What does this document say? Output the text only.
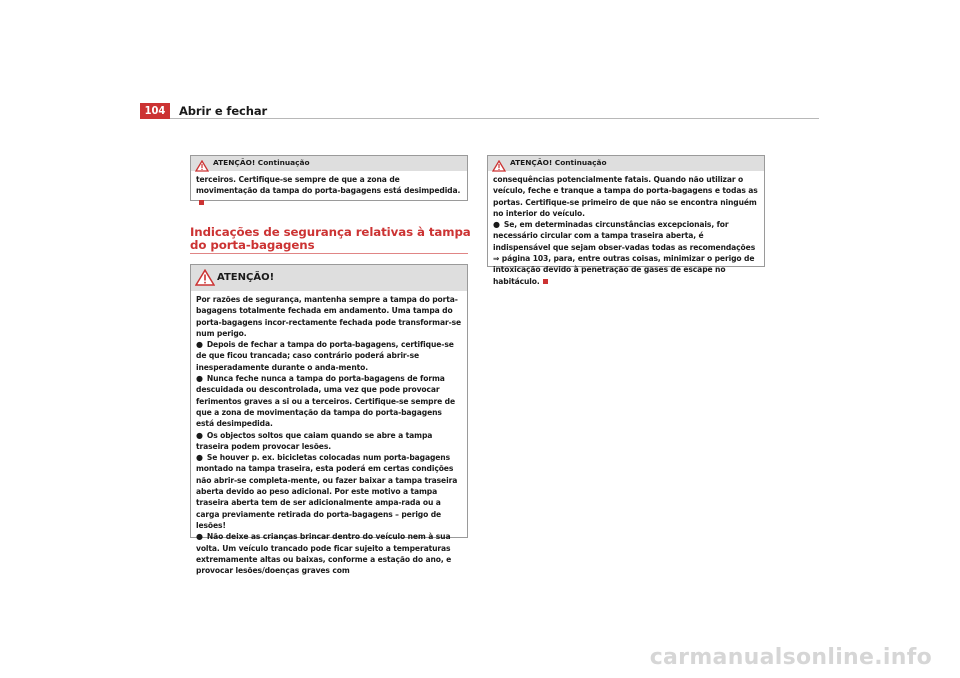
104	Abrir e fechar
ATENÇÃO! Continuação

terceiros. Certifique-se sempre de que a zona de movimentação da tampa do porta-bagagens está desimpedida.

Indicações de segurança relativas à tampa do porta-bagagens
ATENÇÃO!

Por razões de segurança, mantenha sempre a tampa do porta-bagagens totalmente fechada em andamento. Uma tampa do porta-bagagens incor-rectamente fechada pode transformar-se num perigo.

● Depois de fechar a tampa do porta-bagagens, certifique-se de que ficou trancada; caso contrário poderá abrir-se inesperadamente durante o anda-mento.

● Nunca feche nunca a tampa do porta-bagagens de forma descuidada ou descontrolada, uma vez que pode provocar ferimentos graves a si ou a terceiros. Certifique-se sempre de que a zona de movimentação da tampa do porta-bagagens está desimpedida.

● Os objectos soltos que caiam quando se abre a tampa traseira podem provocar lesões.

● Se houver p. ex. bicicletas colocadas num porta-bagagens montado na tampa traseira, esta poderá em certas condições não abrir-se completa-mente, ou fazer baixar a tampa traseira aberta devido ao peso adicional. Por este motivo a tampa traseira aberta tem de ser adicionalmente ampa-rada ou a carga previamente retirada do porta-bagagens – perigo de lesões!

● Não deixe as crianças brincar dentro do veículo nem à sua volta. Um veículo trancado pode ficar sujeito a temperaturas extremamente altas ou baixas, conforme a estação do ano, e provocar lesões/doenças graves com

ATENÇÃO! Continuação

consequências potencialmente fatais. Quando não utilizar o veículo, feche e tranque a tampa do porta-bagagens e todas as portas. Certifique-se primeiro de que não se encontra ninguém no interior do veículo.

● Se, em determinadas circunstâncias excepcionais, for necessário circular com a tampa traseira aberta, é indispensável que sejam obser-vadas todas as recomendações ⇒ página 103, para, entre outras coisas, minimizar o perigo de intoxicação devido à penetração de gases de escape no habitáculo.

carmanualsonline.info
